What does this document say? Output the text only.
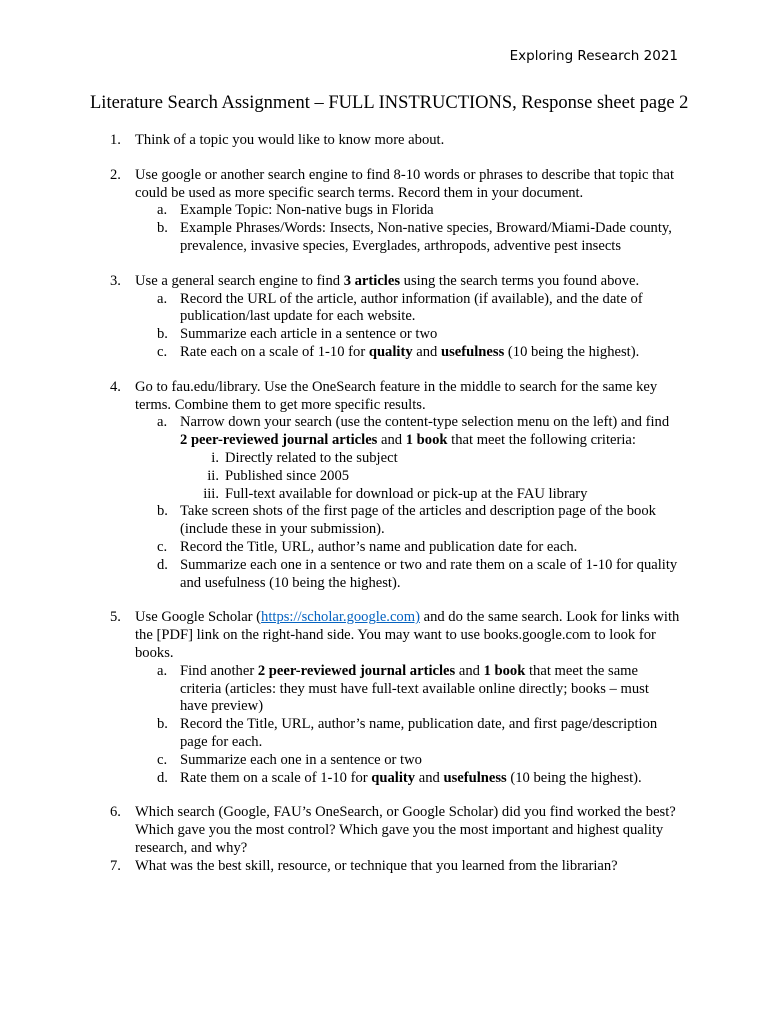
Exploring Research 2021
Literature Search Assignment – FULL INSTRUCTIONS, Response sheet page 2
1. Think of a topic you would like to know more about.
2. Use google or another search engine to find 8-10 words or phrases to describe that topic that could be used as more specific search terms. Record them in your document.
a. Example Topic: Non-native bugs in Florida
b. Example Phrases/Words: Insects, Non-native species, Broward/Miami-Dade county, prevalence, invasive species, Everglades, arthropods, adventive pest insects
3. Use a general search engine to find 3 articles using the search terms you found above.
a. Record the URL of the article, author information (if available), and the date of publication/last update for each website.
b. Summarize each article in a sentence or two
c. Rate each on a scale of 1-10 for quality and usefulness (10 being the highest).
4. Go to fau.edu/library. Use the OneSearch feature in the middle to search for the same key terms. Combine them to get more specific results.
a. Narrow down your search (use the content-type selection menu on the left) and find 2 peer-reviewed journal articles and 1 book that meet the following criteria:
i. Directly related to the subject
ii. Published since 2005
iii. Full-text available for download or pick-up at the FAU library
b. Take screen shots of the first page of the articles and description page of the book (include these in your submission).
c. Record the Title, URL, author’s name and publication date for each.
d. Summarize each one in a sentence or two and rate them on a scale of 1-10 for quality and usefulness (10 being the highest).
5. Use Google Scholar (https://scholar.google.com) and do the same search. Look for links with the [PDF] link on the right-hand side. You may want to use books.google.com to look for books.
a. Find another 2 peer-reviewed journal articles and 1 book that meet the same criteria (articles: they must have full-text available online directly; books – must have preview)
b. Record the Title, URL, author’s name, publication date, and first page/description page for each.
c. Summarize each one in a sentence or two
d. Rate them on a scale of 1-10 for quality and usefulness (10 being the highest).
6. Which search (Google, FAU’s OneSearch, or Google Scholar) did you find worked the best? Which gave you the most control? Which gave you the most important and highest quality research, and why?
7. What was the best skill, resource, or technique that you learned from the librarian?
